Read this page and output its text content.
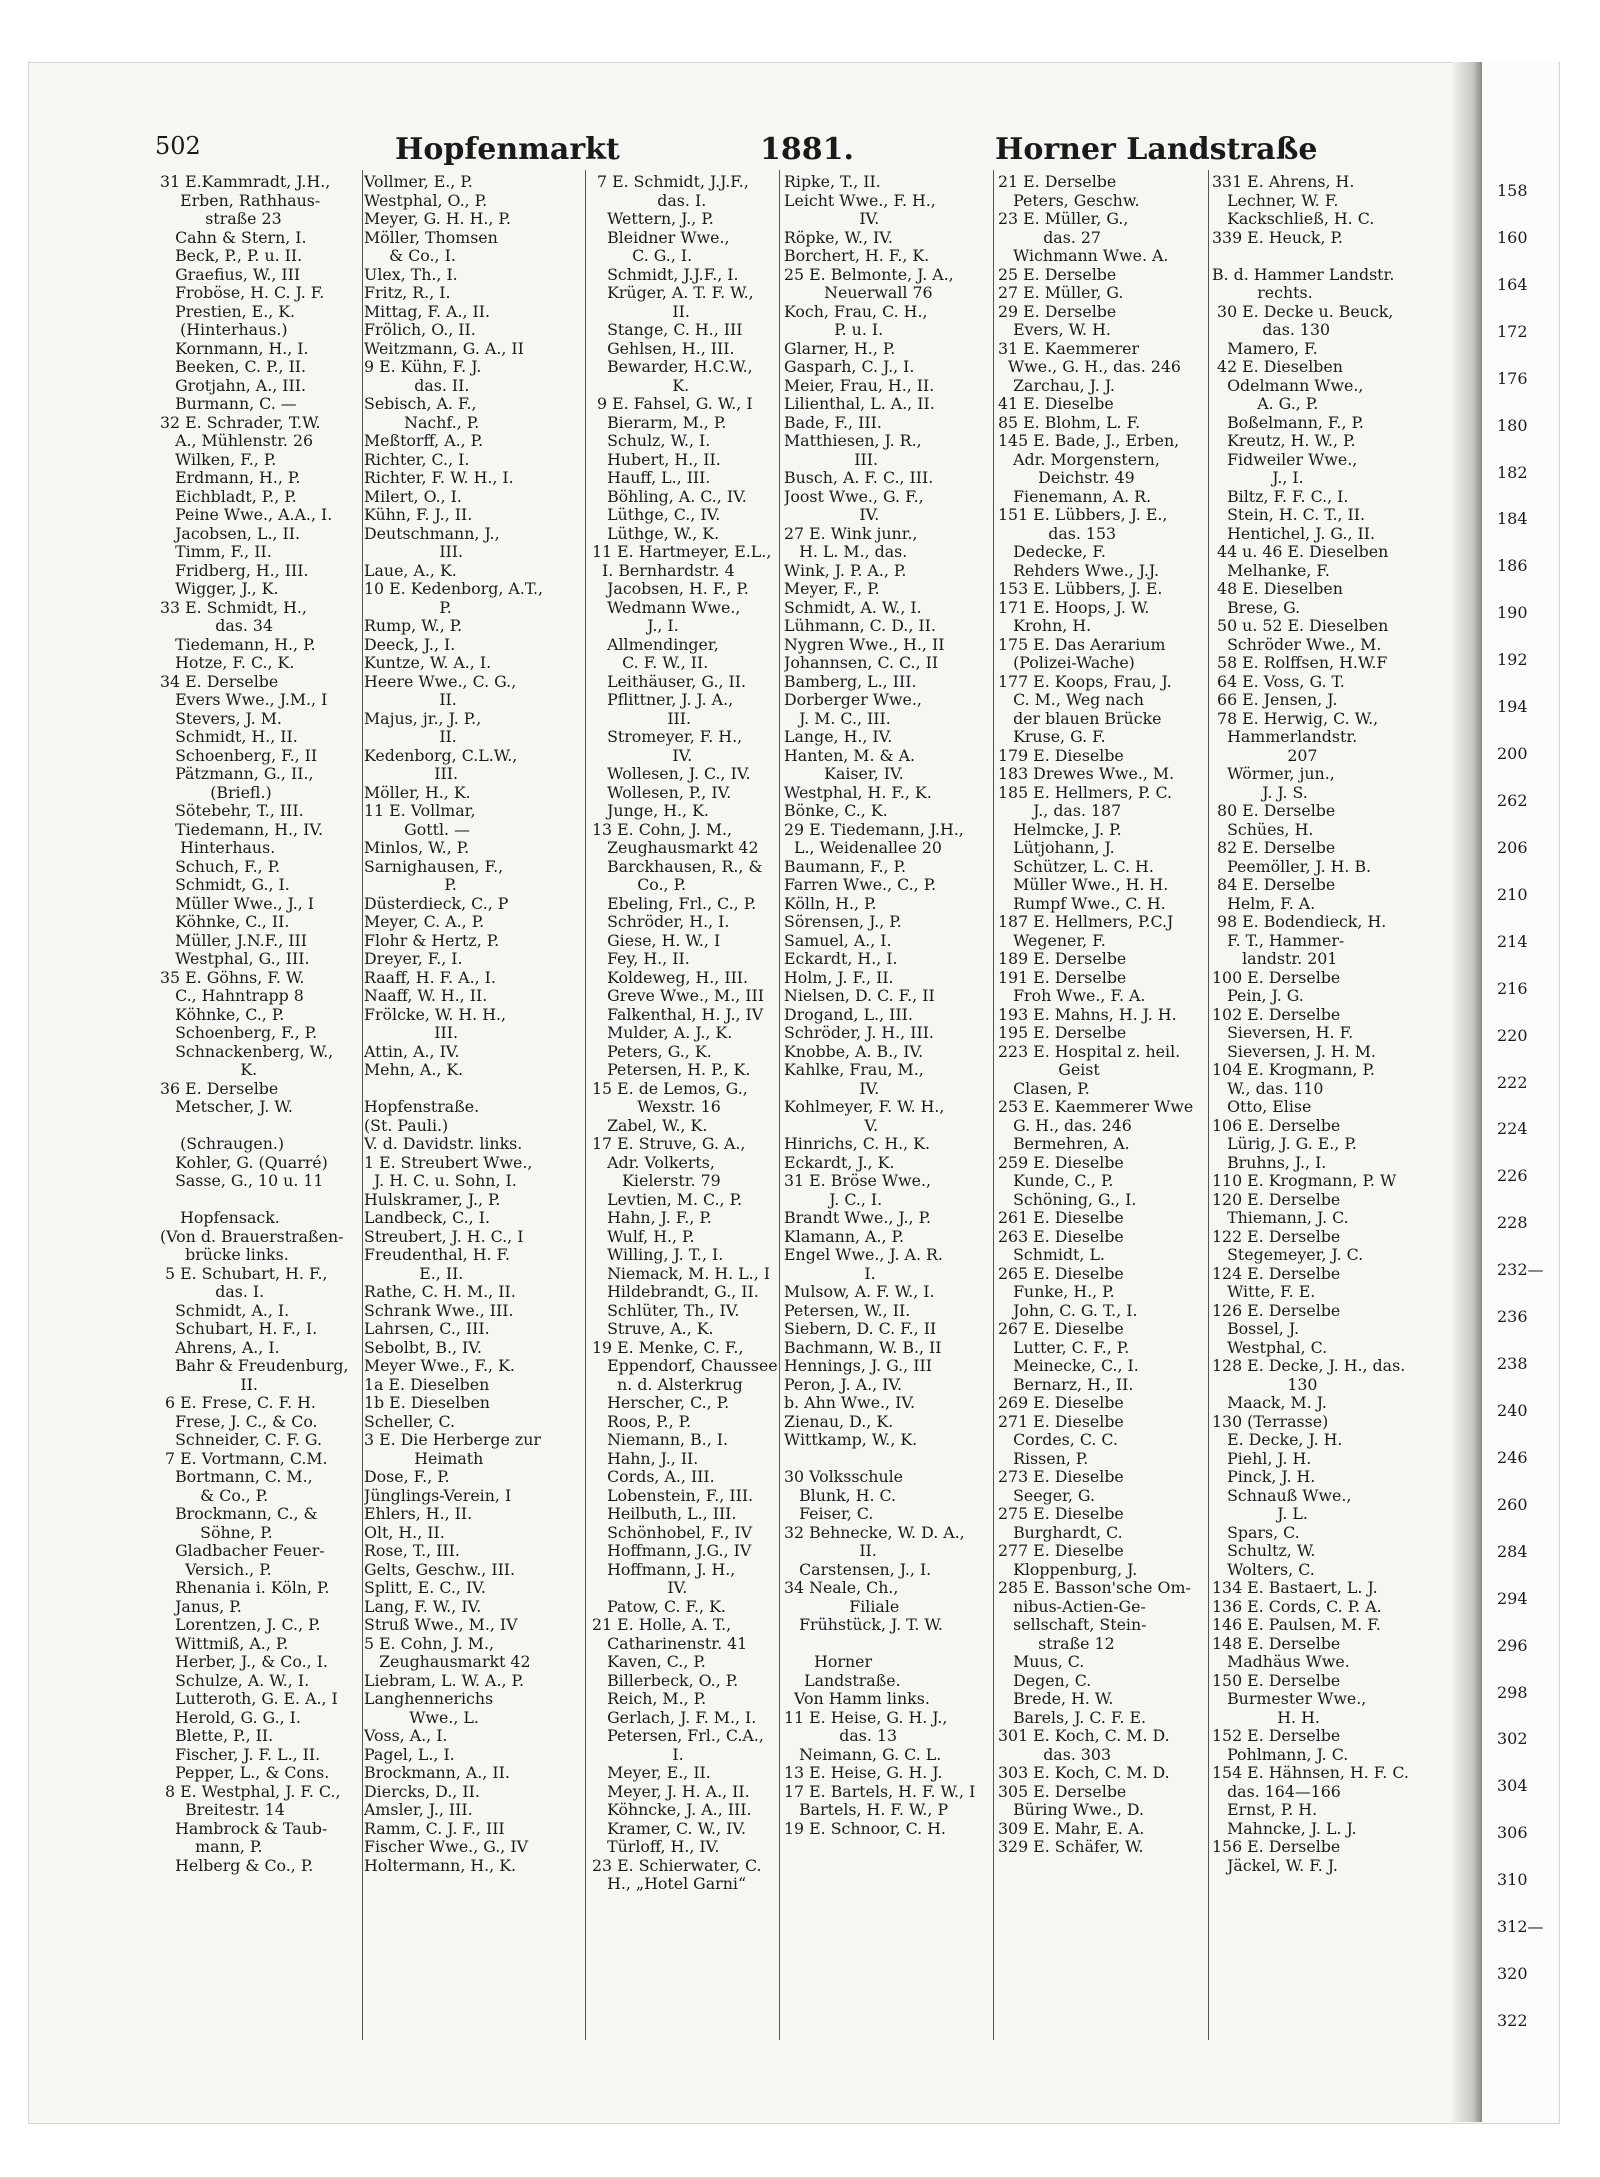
502	Hopfenmarkt	1881.	Horner Landstraße
31 E.Kammradt, J.H.,
Erben, Rathhaus-
straße 23
Cahn & Stern, I.
Beck, P., P. u. II.
Graefius, W., III
Froböse, H. C. J. F.
Prestien, E., K.
(Hinterhaus.)
Kornmann, H., I.
Beeken, C. P., II.
Grotjahn, A., III.
Burmann, C. —
32 E. Schrader, T.W.
A., Mühlenstr. 26
Wilken, F., P.
Erdmann, H., P.
Eichbladt, P., P.
Peine Wwe., A.A., I.
Jacobsen, L., II.
Timm, F., II.
Fridberg, H., III.
Wigger, J., K.
33 E. Schmidt, H.,
das. 34
Tiedemann, H., P.
Hotze, F. C., K.
34 E. Derselbe
Evers Wwe., J.M., I
Stevers, J. M.
Schmidt, H., II.
Schoenberg, F., II
Pätzmann, G., II.,
(Briefl.)
Sötebehr, T., III.
Tiedemann, H., IV.
Hinterhaus.
Schuch, F., P.
Schmidt, G., I.
Müller Wwe., J., I
Köhnke, C., II.
Müller, J.N.F., III
Westphal, G., III.
35 E. Göhns, F. W.
C., Hahntrapp 8
Köhnke, C., P.
Schoenberg, F., P.
Schnackenberg, W.,
K.
36 E. Derselbe
Metscher, J. W.
(Schraugen.)
Kohler, G. (Quarré)
Sasse, G., 10 u. 11
Hopfensack.
(Von d. Brauerstraßen-
brücke links.
5 E. Schubart, H. F.,
das. I.
Schmidt, A., I.
Schubart, H. F., I.
Ahrens, A., I.
Bahr & Freudenburg,
II.
6 E. Frese, C. F. H.
Frese, J. C., & Co.
Schneider, C. F. G.
7 E. Vortmann, C.M.
Bortmann, C. M.,
& Co., P.
Brockmann, C., &
Söhne, P.
Gladbacher Feuer-
Versich., P.
Rhenania i. Köln, P.
Janus, P.
Lorentzen, J. C., P.
Wittmiß, A., P.
Herber, J., & Co., I.
Schulze, A. W., I.
Lutteroth, G. E. A., I
Herold, G. G., I.
Blette, P., II.
Fischer, J. F. L., II.
Pepper, L., & Cons.
8 E. Westphal, J. F. C.,
Breitestr. 14
Hambrock & Taub-
mann, P.
Helberg & Co., P.
Vollmer, E., P.
Westphal, O., P.
Meyer, G. H. H., P.
Möller, Thomsen
& Co., I.
Ulex, Th., I.
Fritz, R., I.
Mittag, F. A., II.
Frölich, O., II.
Weitzmann, G. A., II
9 E. Kühn, F. J.
das. II.
Sebisch, A. F.,
Nachf., P.
Meßtorff, A., P.
Richter, C., I.
Richter, F. W. H., I.
Milert, O., I.
Kühn, F. J., II.
Deutschmann, J.,
III.
Laue, A., K.
10 E. Kedenborg, A.T.,
P.
Rump, W., P.
Deeck, J., I.
Kuntze, W. A., I.
Heere Wwe., C. G.,
II.
Majus, jr., J. P.,
II.
Kedenborg, C.L.W.,
III.
Möller, H., K.
11 E. Vollmar,
Gottl. —
Minlos, W., P.
Sarnighausen, F.,
P.
Düsterdieck, C., P
Meyer, C. A., P.
Flohr & Hertz, P.
Dreyer, F., I.
Raaff, H. F. A., I.
Naaff, W. H., II.
Frölcke, W. H. H.,
III.
Attin, A., IV.
Mehn, A., K.
Hopfenstraße.
(St. Pauli.)
V. d. Davidstr. links.
1 E. Streubert Wwe.,
J. H. C. u. Sohn, I.
Hulskramer, J., P.
Landbeck, C., I.
Streubert, J. H. C., I
Freudenthal, H. F.
E., II.
Rathe, C. H. M., II.
Schrank Wwe., III.
Lahrsen, C., III.
Sebolbt, B., IV.
Meyer Wwe., F., K.
1a E. Dieselben
1b E. Dieselben
Scheller, C.
3 E. Die Herberge zur
Heimath
Dose, F., P.
Jünglings-Verein, I
Ehlers, H., II.
Olt, H., II.
Rose, T., III.
Gelts, Geschw., III.
Splitt, E. C., IV.
Lang, F. W., IV.
Struß Wwe., M., IV
5 E. Cohn, J. M.,
Zeughausmarkt 42
Liebram, L. W. A., P.
Langhennerichs
Wwe., L.
Voss, A., I.
Pagel, L., I.
Brockmann, A., II.
Diercks, D., II.
Amsler, J., III.
Ramm, C. J. F., III
Fischer Wwe., G., IV
Holtermann, H., K.
7 E. Schmidt, J.J.F.,
das. I.
Wettern, J., P.
Bleidner Wwe.,
C. G., I.
Schmidt, J.J.F., I.
Krüger, A. T. F. W.,
II.
Stange, C. H., III
Gehlsen, H., III.
Bewarder, H.C.W.,
K.
9 E. Fahsel, G. W., I
Bierarm, M., P.
Schulz, W., I.
Hubert, H., II.
Hauff, L., III.
Böhling, A. C., IV.
Lüthge, C., IV.
Lüthge, W., K.
11 E. Hartmeyer, E.L.,
I. Bernhardstr. 4
Jacobsen, H. F., P.
Wedmann Wwe.,
J., I.
Allmendinger,
C. F. W., II.
Leithäuser, G., II.
Pflittner, J. J. A.,
III.
Stromeyer, F. H.,
IV.
Wollesen, J. C., IV.
Wollesen, P., IV.
Junge, H., K.
13 E. Cohn, J. M.,
Zeughausmarkt 42
Barckhausen, R., &
Co., P.
Ebeling, Frl., C., P.
Schröder, H., I.
Giese, H. W., I
Fey, H., II.
Koldeweg, H., III.
Greve Wwe., M., III
Falkenthal, H. J., IV
Mulder, A. J., K.
Peters, G., K.
Petersen, H. P., K.
15 E. de Lemos, G.,
Wexstr. 16
Zabel, W., K.
17 E. Struve, G. A.,
Adr. Volkerts,
Kielerstr. 79
Levtien, M. C., P.
Hahn, J. F., P.
Wulf, H., P.
Willing, J. T., I.
Niemack, M. H. L., I
Hildebrandt, G., II.
Schlüter, Th., IV.
Struve, A., K.
19 E. Menke, C. F.,
Eppendorf, Chaussee
n. d. Alsterkrug
Herscher, C., P.
Roos, P., P.
Niemann, B., I.
Hahn, J., II.
Cords, A., III.
Lobenstein, F., III.
Heilbuth, L., III.
Schönhobel, F., IV
Hoffmann, J.G., IV
Hoffmann, J. H.,
IV.
Patow, C. F., K.
21 E. Holle, A. T.,
Catharinenstr. 41
Kaven, C., P.
Billerbeck, O., P.
Reich, M., P.
Gerlach, J. F. M., I.
Petersen, Frl., C.A.,
I.
Meyer, E., II.
Meyer, J. H. A., II.
Köhncke, J. A., III.
Kramer, C. W., IV.
Türloff, H., IV.
23 E. Schierwater, C.
H., „Hotel Garni“
Ripke, T., II.
Leicht Wwe., F. H.,
IV.
Röpke, W., IV.
Borchert, H. F., K.
25 E. Belmonte, J. A.,
Neuerwall 76
Koch, Frau, C. H.,
P. u. I.
Glarner, H., P.
Gasparh, C. J., I.
Meier, Frau, H., II.
Lilienthal, L. A., II.
Bade, F., III.
Matthiesen, J. R.,
III.
Busch, A. F. C., III.
Joost Wwe., G. F.,
IV.
27 E. Wink junr.,
H. L. M., das.
Wink, J. P. A., P.
Meyer, F., P.
Schmidt, A. W., I.
Lühmann, C. D., II.
Nygren Wwe., H., II
Johannsen, C. C., II
Bamberg, L., III.
Dorberger Wwe.,
J. M. C., III.
Lange, H., IV.
Hanten, M. & A.
Kaiser, IV.
Westphal, H. F., K.
Bönke, C., K.
29 E. Tiedemann, J.H.,
L., Weidenallee 20
Baumann, F., P.
Farren Wwe., C., P.
Kölln, H., P.
Sörensen, J., P.
Samuel, A., I.
Eckardt, H., I.
Holm, J. F., II.
Nielsen, D. C. F., II
Drogand, L., III.
Schröder, J. H., III.
Knobbe, A. B., IV.
Kahlke, Frau, M.,
IV.
Kohlmeyer, F. W. H.,
V.
Hinrichs, C. H., K.
Eckardt, J., K.
31 E. Bröse Wwe.,
J. C., I.
Brandt Wwe., J., P.
Klamann, A., P.
Engel Wwe., J. A. R.
I.
Mulsow, A. F. W., I.
Petersen, W., II.
Siebern, D. C. F., II
Bachmann, W. B., II
Hennings, J. G., III
Peron, J. A., IV.
b. Ahn Wwe., IV.
Zienau, D., K.
Wittkamp, W., K.
30 Volksschule
Blunk, H. C.
Feiser, C.
32 Behnecke, W. D. A.,
II.
Carstensen, J., I.
34 Neale, Ch.,
Filiale
Frühstück, J. T. W.
Horner
Landstraße.
Von Hamm links.
11 E. Heise, G. H. J.,
das. 13
Neimann, G. C. L.
13 E. Heise, G. H. J.
17 E. Bartels, H. F. W., I
Bartels, H. F. W., P
19 E. Schnoor, C. H.
21 E. Derselbe
Peters, Geschw.
23 E. Müller, G.,
das. 27
Wichmann Wwe. A.
25 E. Derselbe
27 E. Müller, G.
29 E. Derselbe
Evers, W. H.
31 E. Kaemmerer
Wwe., G. H., das. 246
Zarchau, J. J.
41 E. Dieselbe
85 E. Blohm, L. F.
145 E. Bade, J., Erben,
Adr. Morgenstern,
Deichstr. 49
Fienemann, A. R.
151 E. Lübbers, J. E.,
das. 153
Dedecke, F.
Rehders Wwe., J.J.
153 E. Lübbers, J. E.
171 E. Hoops, J. W.
Krohn, H.
175 E. Das Aerarium
(Polizei-Wache)
177 E. Koops, Frau, J.
C. M., Weg nach
der blauen Brücke
Kruse, G. F.
179 E. Dieselbe
183 Drewes Wwe., M.
185 E. Hellmers, P. C.
J., das. 187
Helmcke, J. P.
Lütjohann, J.
Schützer, L. C. H.
Müller Wwe., H. H.
Rumpf Wwe., C. H.
187 E. Hellmers, P.C.J
Wegener, F.
189 E. Derselbe
191 E. Derselbe
Froh Wwe., F. A.
193 E. Mahns, H. J. H.
195 E. Derselbe
223 E. Hospital z. heil.
Geist
Clasen, P.
253 E. Kaemmerer Wwe
G. H., das. 246
Bermehren, A.
259 E. Dieselbe
Kunde, C., P.
Schöning, G., I.
261 E. Dieselbe
263 E. Dieselbe
Schmidt, L.
265 E. Dieselbe
Funke, H., P.
John, C. G. T., I.
267 E. Dieselbe
Lutter, C. F., P.
Meinecke, C., I.
Bernarz, H., II.
269 E. Dieselbe
271 E. Dieselbe
Cordes, C. C.
Rissen, P.
273 E. Dieselbe
Seeger, G.
275 E. Dieselbe
Burghardt, C.
277 E. Dieselbe
Kloppenburg, J.
285 E. Basson'sche Om-
nibus-Actien-Ge-
sellschaft, Stein-
straße 12
Muus, C.
Degen, C.
Brede, H. W.
Barels, J. C. F. E.
301 E. Koch, C. M. D.
das. 303
303 E. Koch, C. M. D.
305 E. Derselbe
Büring Wwe., D.
309 E. Mahr, E. A.
329 E. Schäfer, W.
331 E. Ahrens, H.
Lechner, W. F.
Kackschließ, H. C.
339 E. Heuck, P.
B. d. Hammer Landstr.
rechts.
30 E. Decke u. Beuck,
das. 130
Mamero, F.
42 E. Dieselben
Odelmann Wwe.,
A. G., P.
Boßelmann, F., P.
Kreutz, H. W., P.
Fidweiler Wwe.,
J., I.
Biltz, F. F. C., I.
Stein, H. C. T., II.
Hentichel, J. G., II.
44 u. 46 E. Dieselben
Melhanke, F.
48 E. Dieselben
Brese, G.
50 u. 52 E. Dieselben
Schröder Wwe., M.
58 E. Rolffsen, H.W.F
64 E. Voss, G. T.
66 E. Jensen, J.
78 E. Herwig, C. W.,
Hammerlandstr.
207
Wörmer, jun.,
J. J. S.
80 E. Derselbe
Schües, H.
82 E. Derselbe
Peemöller, J. H. B.
84 E. Derselbe
Helm, F. A.
98 E. Bodendieck, H.
F. T., Hammer-
landstr. 201
100 E. Derselbe
Pein, J. G.
102 E. Derselbe
Sieversen, H. F.
Sieversen, J. H. M.
104 E. Krogmann, P.
W., das. 110
Otto, Elise
106 E. Derselbe
Lürig, J. G. E., P.
Bruhns, J., I.
110 E. Krogmann, P. W
120 E. Derselbe
Thiemann, J. C.
122 E. Derselbe
Stegemeyer, J. C.
124 E. Derselbe
Witte, F. E.
126 E. Derselbe
Bossel, J.
Westphal, C.
128 E. Decke, J. H., das.
130
Maack, M. J.
130 (Terrasse)
E. Decke, J. H.
Piehl, J. H.
Pinck, J. H.
Schnauß Wwe.,
J. L.
Spars, C.
Schultz, W.
Wolters, C.
134 E. Bastaert, L. J.
136 E. Cords, C. P. A.
146 E. Paulsen, M. F.
148 E. Derselbe
Madhäus Wwe.
150 E. Derselbe
Burmester Wwe.,
H. H.
152 E. Derselbe
Pohlmann, J. C.
154 E. Hähnsen, H. F. C.
das. 164—166
Ernst, P. H.
Mahncke, J. L. J.
156 E. Derselbe
Jäckel, W. F. J.
158
160
164
172
176
180
182
184
186
190
192
194
200
262
206
210
214
216
220
222
224
226
228
232—
236
238
240
246
260
284
294
296
298
302
304
306
310
312—
320
322
